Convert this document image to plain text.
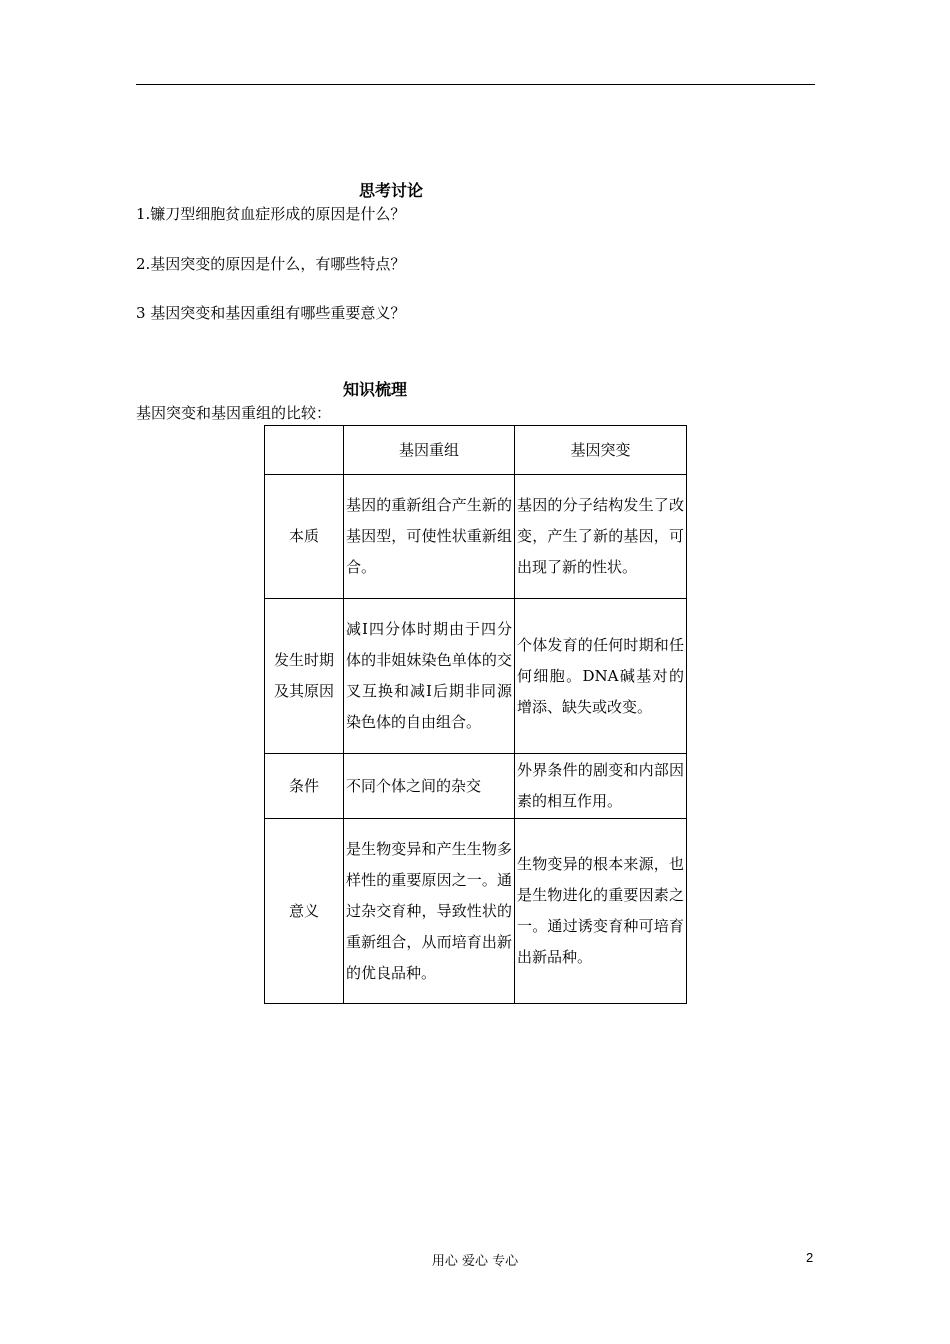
思考讨论
1.镰刀型细胞贫血症形成的原因是什么？
2.基因突变的原因是什么，有哪些特点？
3 基因突变和基因重组有哪些重要意义？
知识梳理
基因突变和基因重组的比较：
	基因重组	基因突变
本质	基因的重新组合产生新的基因型，可使性状重新组合。	基因的分子结构发生了改变，产生了新的基因，可出现了新的性状。
发生时期及其原因	减Ⅰ四分体时期由于四分体的非姐妹染色单体的交叉互换和减Ⅰ后期非同源染色体的自由组合。	个体发育的任何时期和任何细胞。DNA碱基对的增添、缺失或改变。
条件	不同个体之间的杂交	外界条件的剧变和内部因素的相互作用。
意义	是生物变异和产生生物多样性的重要原因之一。通过杂交育种，导致性状的重新组合，从而培育出新的优良品种。	生物变异的根本来源，也是生物进化的重要因素之一。通过诱变育种可培育出新品种。
用心 爱心 专心	2
